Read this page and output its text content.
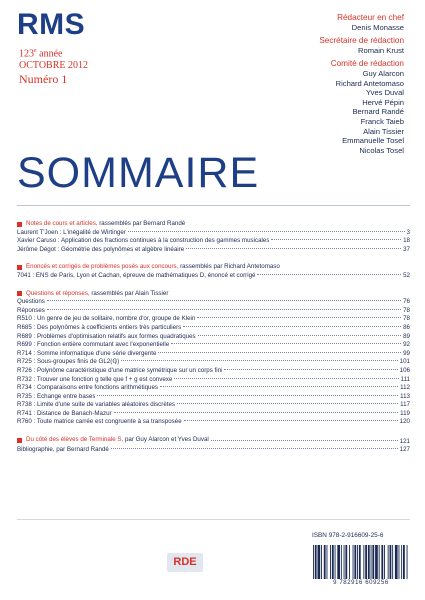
RMS
123e année
OCTOBRE 2012
Numéro 1
Rédacteur en chef
Denis Monasse
Secrétaire de rédaction
Romain Krust
Comité de rédaction
Guy Alarcon
Richard Antetomaso
Yves Duval
Hervé Pépin
Bernard Randé
Franck Taieb
Alain Tissier
Emmanuelle Tosel
Nicolas Tosel
SOMMAIRE
Notes de cours et articles, rassemblés par Bernard Randé
Laurent T'Joen : L'inégalité de Wirtinger	3
Xavier Caruso : Application des fractions continues à la construction des gammes musicales	18
Jérôme Dégot : Géométrie des polynômes et algèbre linéaire	37
Énoncés et corrigés de problèmes posés aux concours, rassemblés par Richard Antetomaso
7041 : ENS de Paris, Lyon et Cachan, épreuve de mathématiques D, énoncé et corrigé	52
Questions et réponses, rassemblés par Alain Tissier
Questions	76
Réponses	78
R510 : Un genre de jeu de solitaire, nombre d'or, groupe de Klein	78
R685 : Des polynômes à coefficients entiers très particuliers	86
R689 : Problèmes d'optimisation relatifs aux formes quadratiques	89
R699 : Fonction entière commutant avec l'exponentielle	92
R714 : Somme informatique d'une série divergente	99
R725 : Sous-groupes finis de GL2(ℚ)	101
R726 : Polynôme caractéristique d'une matrice symétrique sur un corps fini	106
R732 : Trouver une fonction g telle que f + g est convexe	111
R734 : Comparaisons entre fonctions arithmétiques	112
R735 : Échange entre bases	113
R738 : Limite d'une suite de variables aléatoires discrètes	117
R741 : Distance de Banach-Mazur	119
R760 : Toute matrice carrée est congruente à sa transposée	120
Du côté des élèves de Terminale S, par Guy Alarcon et Yves Duval	121
Bibliographie, par Bernard Randé	127
ISBN 978-2-916609-25-6
9 782916 609256
RDE
